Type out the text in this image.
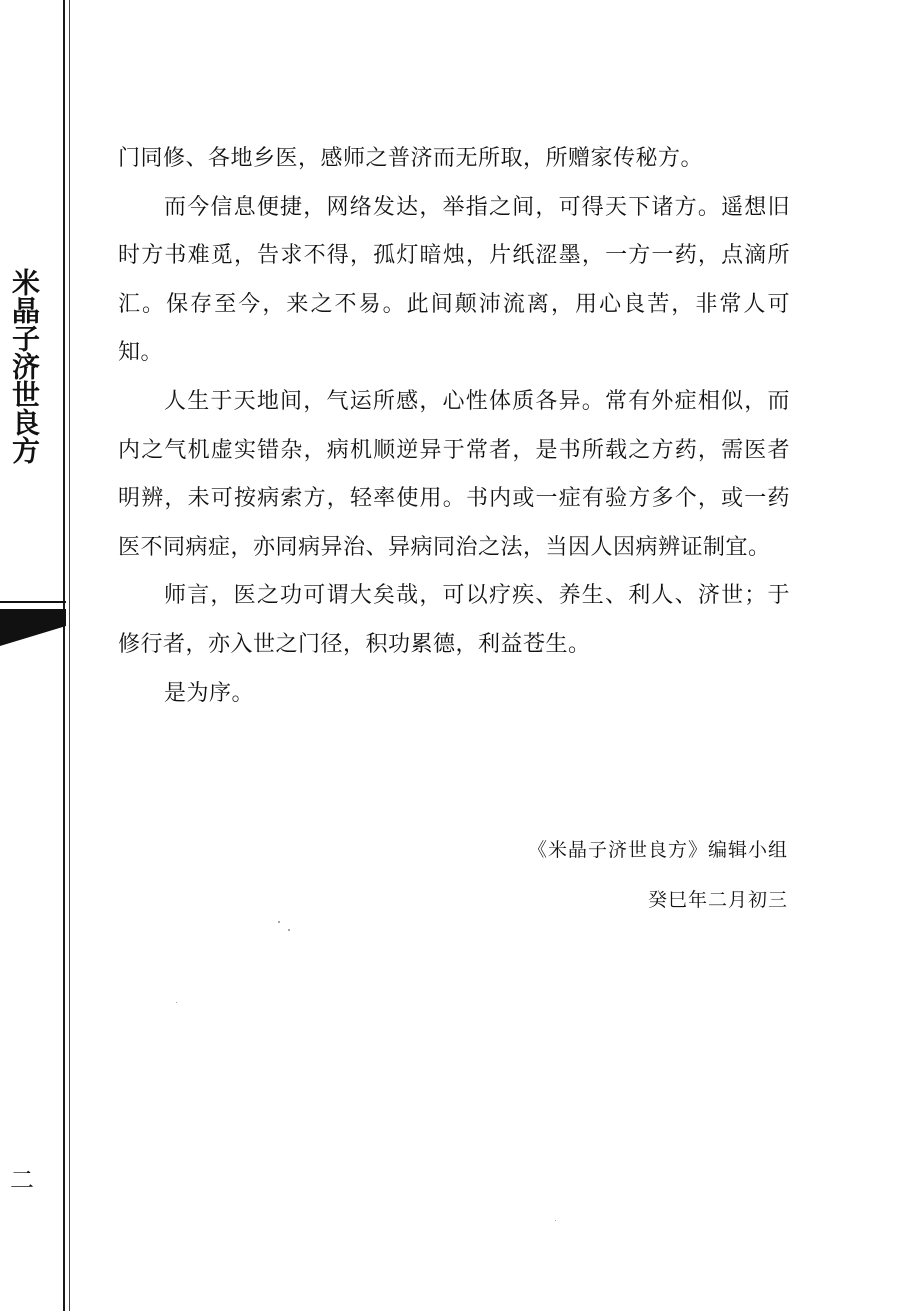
米晶子济世良方
二

门同修、各地乡医，感师之普济而无所取，所赠家传秘方。

而今信息便捷，网络发达，举指之间，可得天下诸方。遥想旧时方书难觅，告求不得，孤灯暗烛，片纸涩墨，一方一药，点滴所汇。保存至今，来之不易。此间颠沛流离，用心良苦，非常人可知。

人生于天地间，气运所感，心性体质各异。常有外症相似，而内之气机虚实错杂，病机顺逆异于常者，是书所载之方药，需医者明辨，未可按病索方，轻率使用。书内或一症有验方多个，或一药医不同病症，亦同病异治、异病同治之法，当因人因病辨证制宜。

师言，医之功可谓大矣哉，可以疗疾、养生、利人、济世；于修行者，亦入世之门径，积功累德，利益苍生。

是为序。

《米晶子济世良方》编辑小组
癸巳年二月初三
